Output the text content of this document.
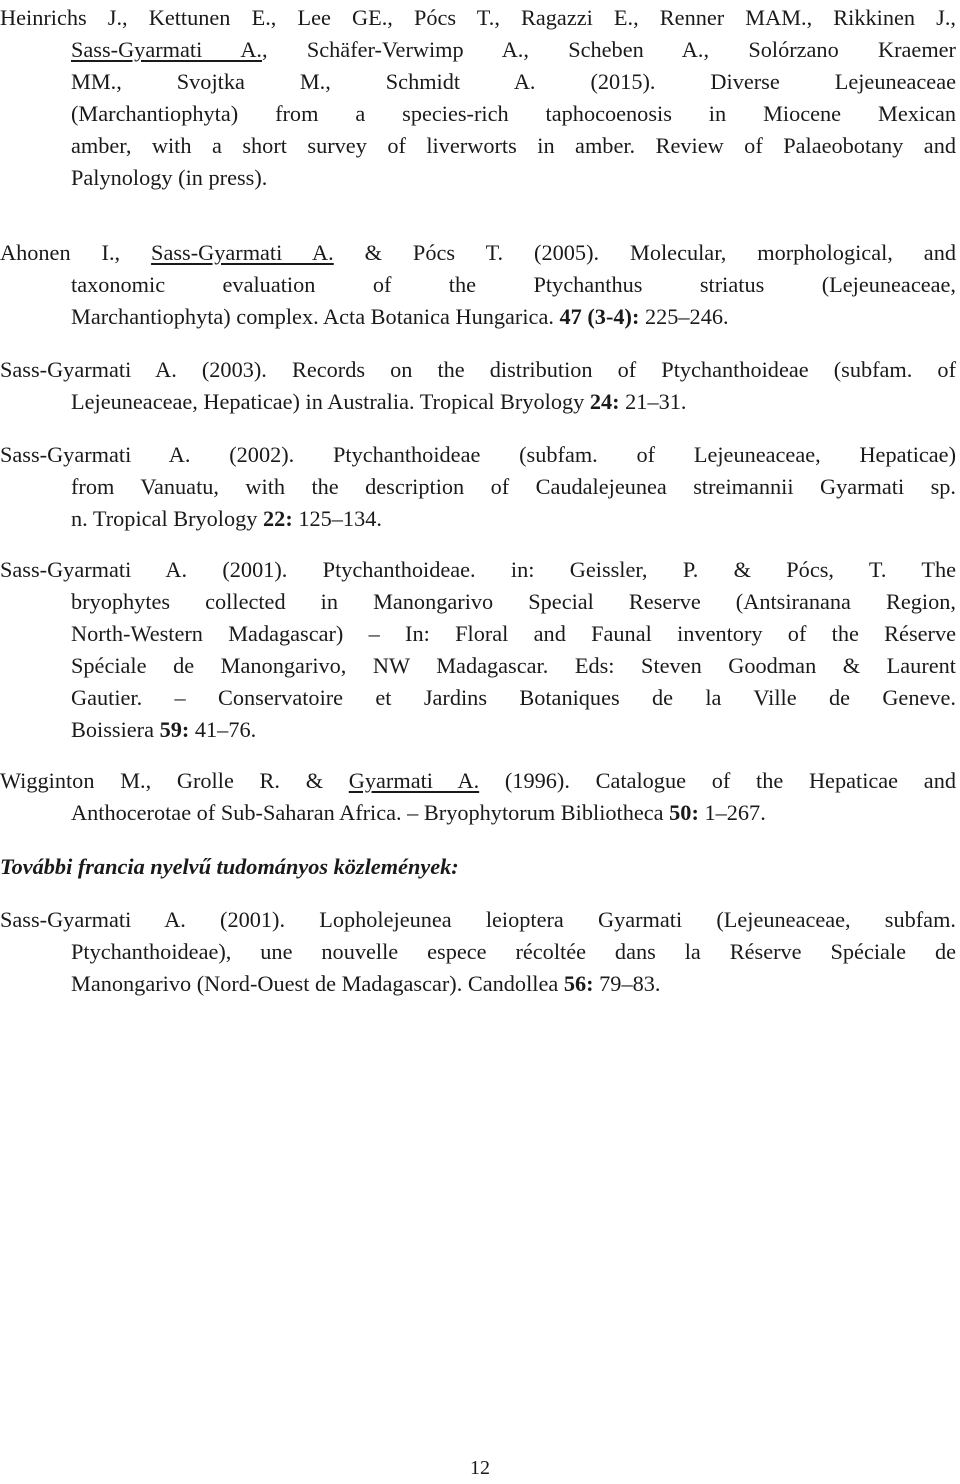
Heinrichs J., Kettunen E., Lee GE., Pócs T., Ragazzi E., Renner MAM., Rikkinen J.,
Sass-Gyarmati A., Schäfer-Verwimp A., Scheben A., Solórzano Kraemer
MM., Svojtka M., Schmidt A. (2015). Diverse Lejeuneaceae
(Marchantiophyta) from a species-rich taphocoenosis in Miocene Mexican
amber, with a short survey of liverworts in amber. Review of Palaeobotany and
Palynology (in press).
Ahonen I., Sass-Gyarmati A. & Pócs T. (2005). Molecular, morphological, and
taxonomic evaluation of the Ptychanthus striatus (Lejeuneaceae,
Marchantiophyta) complex. Acta Botanica Hungarica. 47 (3-4): 225–246.
Sass-Gyarmati A. (2003). Records on the distribution of Ptychanthoideae (subfam. of
Lejeuneaceae, Hepaticae) in Australia. Tropical Bryology 24: 21–31.
Sass-Gyarmati A. (2002). Ptychanthoideae (subfam. of Lejeuneaceae, Hepaticae)
from Vanuatu, with the description of Caudalejeunea streimannii Gyarmati sp.
n. Tropical Bryology 22: 125–134.
Sass-Gyarmati A. (2001). Ptychanthoideae. in: Geissler, P. & Pócs, T. The
bryophytes collected in Manongarivo Special Reserve (Antsiranana Region,
North-Western Madagascar) – In: Floral and Faunal inventory of the Réserve
Spéciale de Manongarivo, NW Madagascar. Eds: Steven Goodman & Laurent
Gautier. – Conservatoire et Jardins Botaniques de la Ville de Geneve.
Boissiera 59: 41–76.
Wigginton M., Grolle R. & Gyarmati A. (1996). Catalogue of the Hepaticae and
Anthocerotae of Sub-Saharan Africa. – Bryophytorum Bibliotheca 50: 1–267.
További francia nyelvű tudományos közlemények:
Sass-Gyarmati A. (2001). Lopholejeunea leioptera Gyarmati (Lejeuneaceae, subfam.
Ptychanthoideae), une nouvelle espece récoltée dans la Réserve Spéciale de
Manongarivo (Nord-Ouest de Madagascar). Candollea 56: 79–83.
12
